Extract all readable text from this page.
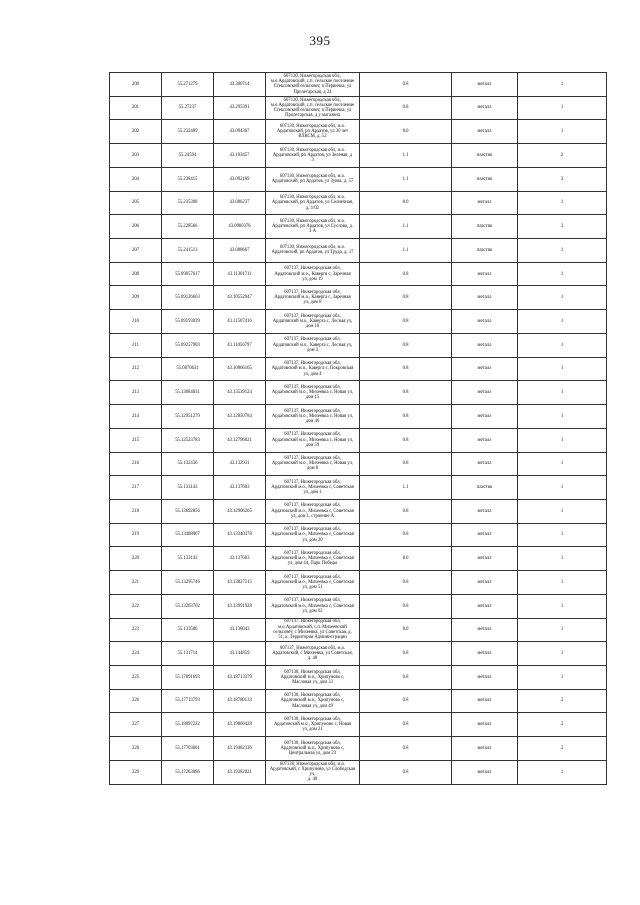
395
200	55.271279	43.300714	607130, Нижегородская обл.,
м.о.Ардатовский, с.п. сельское поселение
Стексовский сельсовет, п Первичка, ул
Пролетарская, д 24	0.8	металл	1
201	55.27237	43.295391	607130, Нижегородская обл.,
м.о.Ардатовский, с.п. сельское поселение
Стексовский сельсовет, п Первичка, ул
Пролетарская, д у магазина	0.8	металл	1
202	55.232489	43.094367	607130, Нижегородская обл, м.о.
Ардатовский, рп Ардатов, ул 30 лет
ВЛКСМ, д. 52	8.0	металл	1
203	55.24594	43.103457	607130, Нижегородская обл, м.о.
Ардатовский, рп Ардатов, ул Зеленая, д
3	1.1	пластик	2
204	55.238415	43.092169	607130, Нижегородская обл, м.о.
Ардатовский, рп Ардатов, ул Зуева, д. 57	1.1	пластик	3
205	55.235308	43.086237	607130, Нижегородская обл, м.о.
Ардатовский, рп Ардатов, ул Солнечная,
д. 1/02	8.0	металл	1
206	55.228566	43.0960376	607130, Нижегородская обл, м.о.
Ардатовский, рп Ардатов, ул Суслова, д.
3 А	1.1	пластик	3
207	55.241513	43.088667	607130, Нижегородская обл, м.о.
Ардатовский, рп Ардатов, ул Труда, д. 17	1.1	пластик	1
208	55.09057617	43.11301711	607137, Нижегородская обл,
Ардатовский м.о., Кавергя с, Заречная
ул, дом 19	0.8	металл	1
209	55.09126663	43.10552947	607137, Нижегородская обл,
Ардатовский м.о., Каверга с, Заречная
ул, дом 8	0.8	металл	1
210	55.09193039	43.11507416	607137, Нижегородская обл,
Ардатовский м.о., Каверга с, Лесная ул,
дом 18	0.8	металл	1
211	55.09257903	43.11056797	607137, Нижегородская обл,
Ардатовский м.о., Каверга с, Лесная ул,
дом 3	0.8	металл	1
212	55.0870631	43.10866165	607137, Нижегородская обл,
Ардатовский м.о., Каверга с, Покровская
ул, дом 4	0.8	металл	1
213	55.13084031	43.13539124	607137, Нижегородская обл,
Ардатовский м.о., Михеевка с, Новая ул,
дом 15	0.8	металл	1
214	55.12951279	43.12850784	607137, Нижегородская обл,
Ардатовский м.о., Михеевка с, Новая ул,
дом 46	0.8	металл	1
215	55.12523783	43.12796021	607137, Нижегородская обл,
Ардатовский м.о., Михеевка с, Новая ул,
дом 59	0.8	металл	1
216	55.132436	43.132931	607137, Нижегородская обл,
Ардатовский м.о., Михеевка с, Новая ул,
дом 8	0.8	металл	1
217	55.133143	43.137603	607137, Нижегородская обл,
Ардатовский м.о., Михеевка с, Советская
ул, дом 1	1.1	пластик	1
218	55.13692856	43.12906265	607137, Нижегородская обл,
Ардатовский м.о., Михеевка с, Советская
ул, дом 1, строение А	0.8	металл	1
219	55.13488007	43.13340378	607137, Нижегородская обл,
Ардатовский м.о., Михеевка с, Советская
ул, дом 20	0.8	металл	1
220	55.133143	43.137603	607137, Нижегородская обл,
Ардатовский м.о., Михеевка с, Советская
ул, дом 44, Парк Победы	8.0	металл	1
221	55.13295746	43.13827515	607137, Нижегородская обл,
Ардатовский м.о., Михеевка с, Советская
ул, дом 51	0.8	металл	1
222	55.13263702	43.13991928	607137, Нижегородская обл,
Ардатовский м.о., Михеевка с, Советская
ул, дом 62	0.8	металл	1
223	55.133586	43.138043	607137, Нижегородская обл,
м.о.Ардатовский, с.п. Михеевский
сельсовет, с Михеевка, ул Советская, д.
51, к. Территория Администрации	8.0	металл	1
224	55.131714	43.144859	607137, Нижегородская обл, м.о.
Ардатовский, с Михеевка, ул Советская,
д. 48	0.8	металл	1
225	55.17891693	43.18713379	607138, Нижегородская обл,
Ардатовский м.о., Хрипуново с,
Масловая ул, дом 33	0.8	металл	1
226	55.17713793	43.18780133	607138, Нижегородская обл,
Ардатовский м.о., Хрипуново с,
Масловая ул, дом 49	0.8	металл	2
227	55.18097222	43.19866428	607138, Нижегородская обл,
Ардатовский м.о., Хрипуново с, Новая
ул, дом 21	0.8	металл	2
228	55.17703661	43.19482336	607138, Нижегородская обл,
Ардатовский м.о., Хрипуново с,
Центральная ул, дом 23	0.8	металл	2
229	55.17263086	43.19382021	607138, Нижегородская обл, м.о.
Ардатовский, с Хрипуново, ул Слободская ул,
д. 40	0.8	металл	1
